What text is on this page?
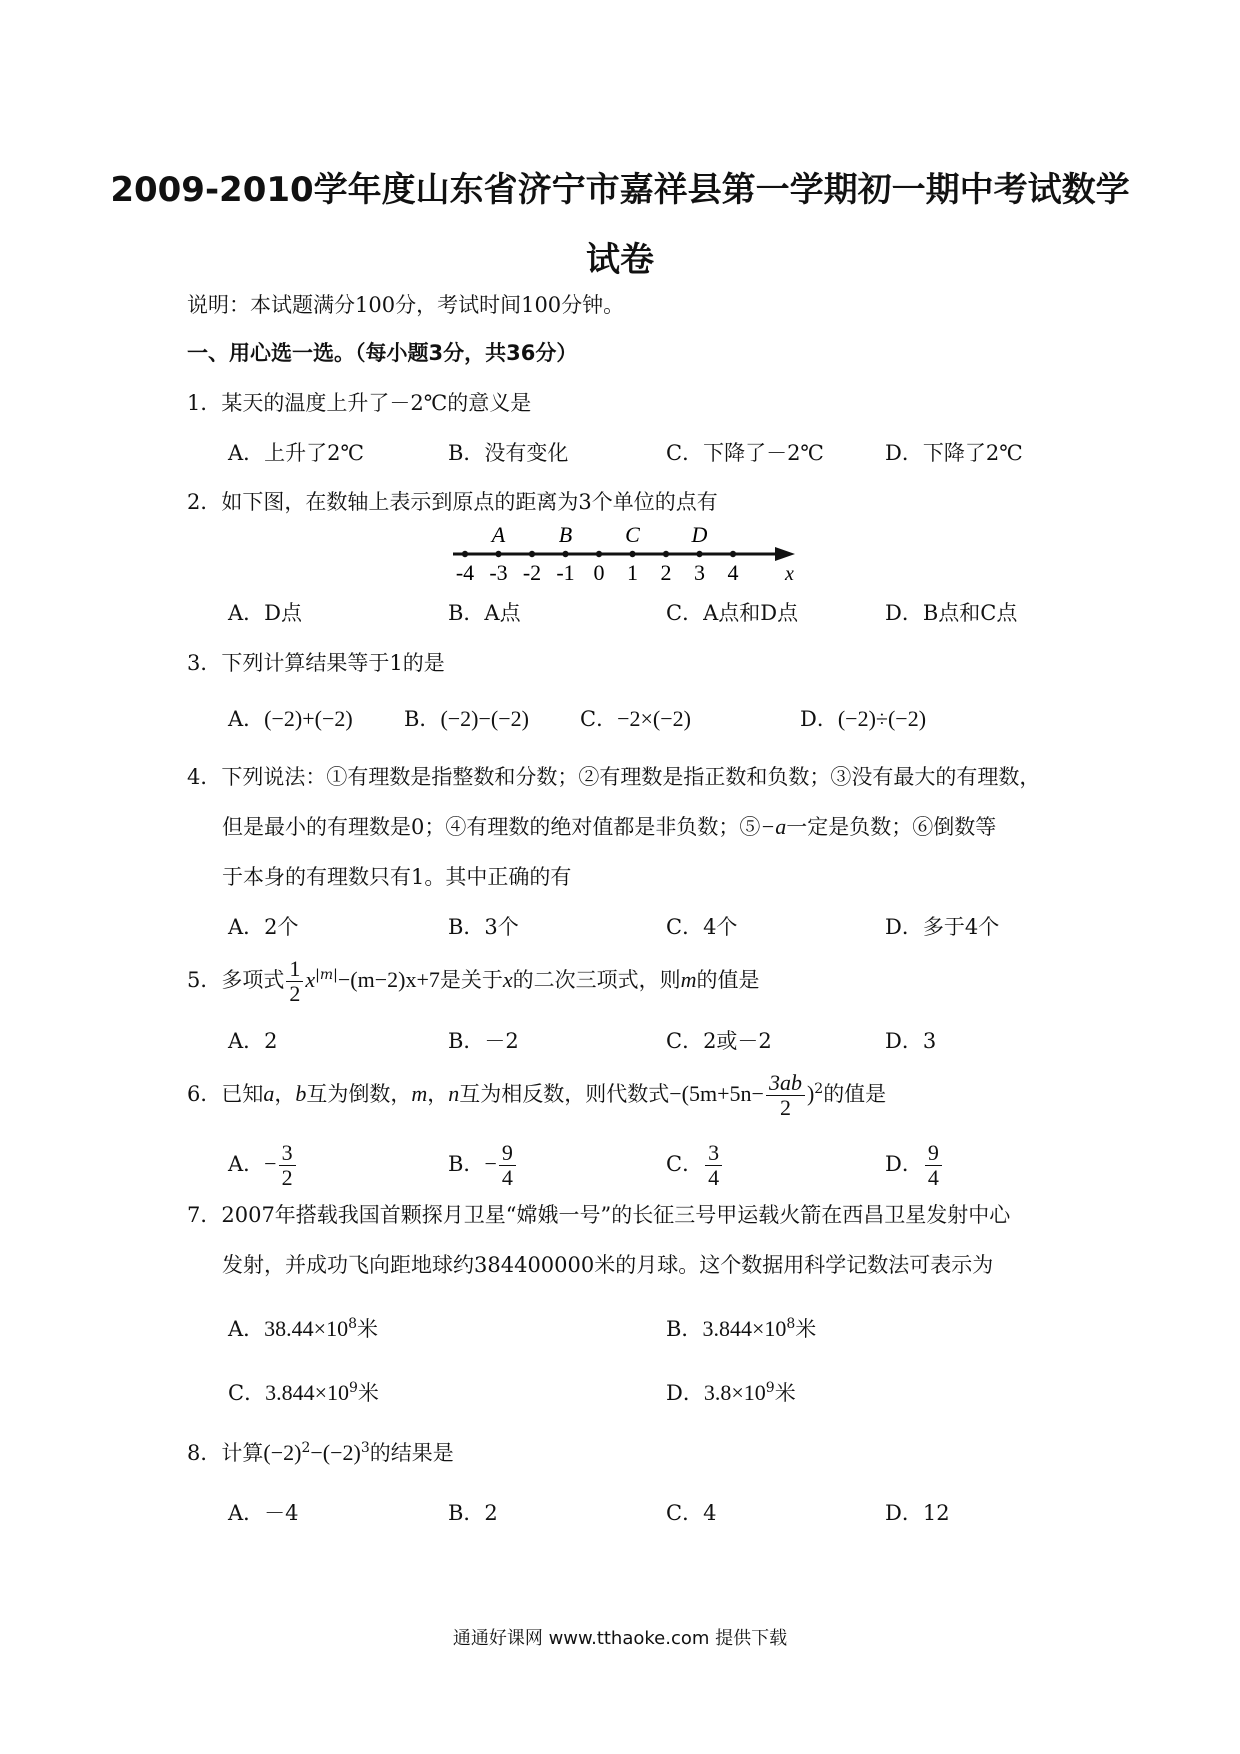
2009-2010学年度山东省济宁市嘉祥县第一学期初一期中考试数学
试卷
说明：本试题满分100分，考试时间100分钟。
一、用心选一选。（每小题3分，共36分）
1．某天的温度上升了－2℃的意义是
A．上升了2℃	B．没有变化	C．下降了－2℃	D．下降了2℃
2．如下图，在数轴上表示到原点的距离为3个单位的点有
-4 -3 -2 -1 0 1 2 3 4
A B C D
x
A．D点	B．A点	C．A点和D点	D．B点和C点
3．下列计算结果等于1的是
A．(−2)+(−2) B．(−2)−(−2) C．−2×(−2)	D．(−2)÷(−2)
4．下列说法：①有理数是指整数和分数；②有理数是指正数和负数；③没有最大的有理数，
但是最小的有理数是0；④有理数的绝对值都是非负数；⑤−a一定是负数；⑥倒数等
于本身的有理数只有1。其中正确的有
A．2个	B．3个	C．4个	D．多于4个
5．多项式 $\frac{1}{2} x^{|m|}-(m-2)x+7$是关于x的二次三项式，则m的值是
A．2	B．－2	C．2或－2	D．3
6．已知a，b互为倒数，m，n互为相反数，则代数式$-(5m+5n- \frac{3ab}{2} )^2$的值是
A．− $\frac{3}{2}$	B．− $\frac{9}{4}$	C． $\frac{3}{4}$	D． $\frac{9}{4}$
7．2007年搭载我国首颗探月卫星“嫦娥一号”的长征三号甲运载火箭在西昌卫星发射中心
发射，并成功飞向距地球约384400000米的月球。这个数据用科学记数法可表示为
A．$38.44\times 10^8$米	B．$3.844\times 10^8$米
C．$3.844\times 10^9$米	D．$3.8\times 10^9$米
8．计算$(-2)^2-(-2)^3$的结果是
A．－4	B．2	C．4	D．12
通通好课网 www.tthaoke.com 提供下载
